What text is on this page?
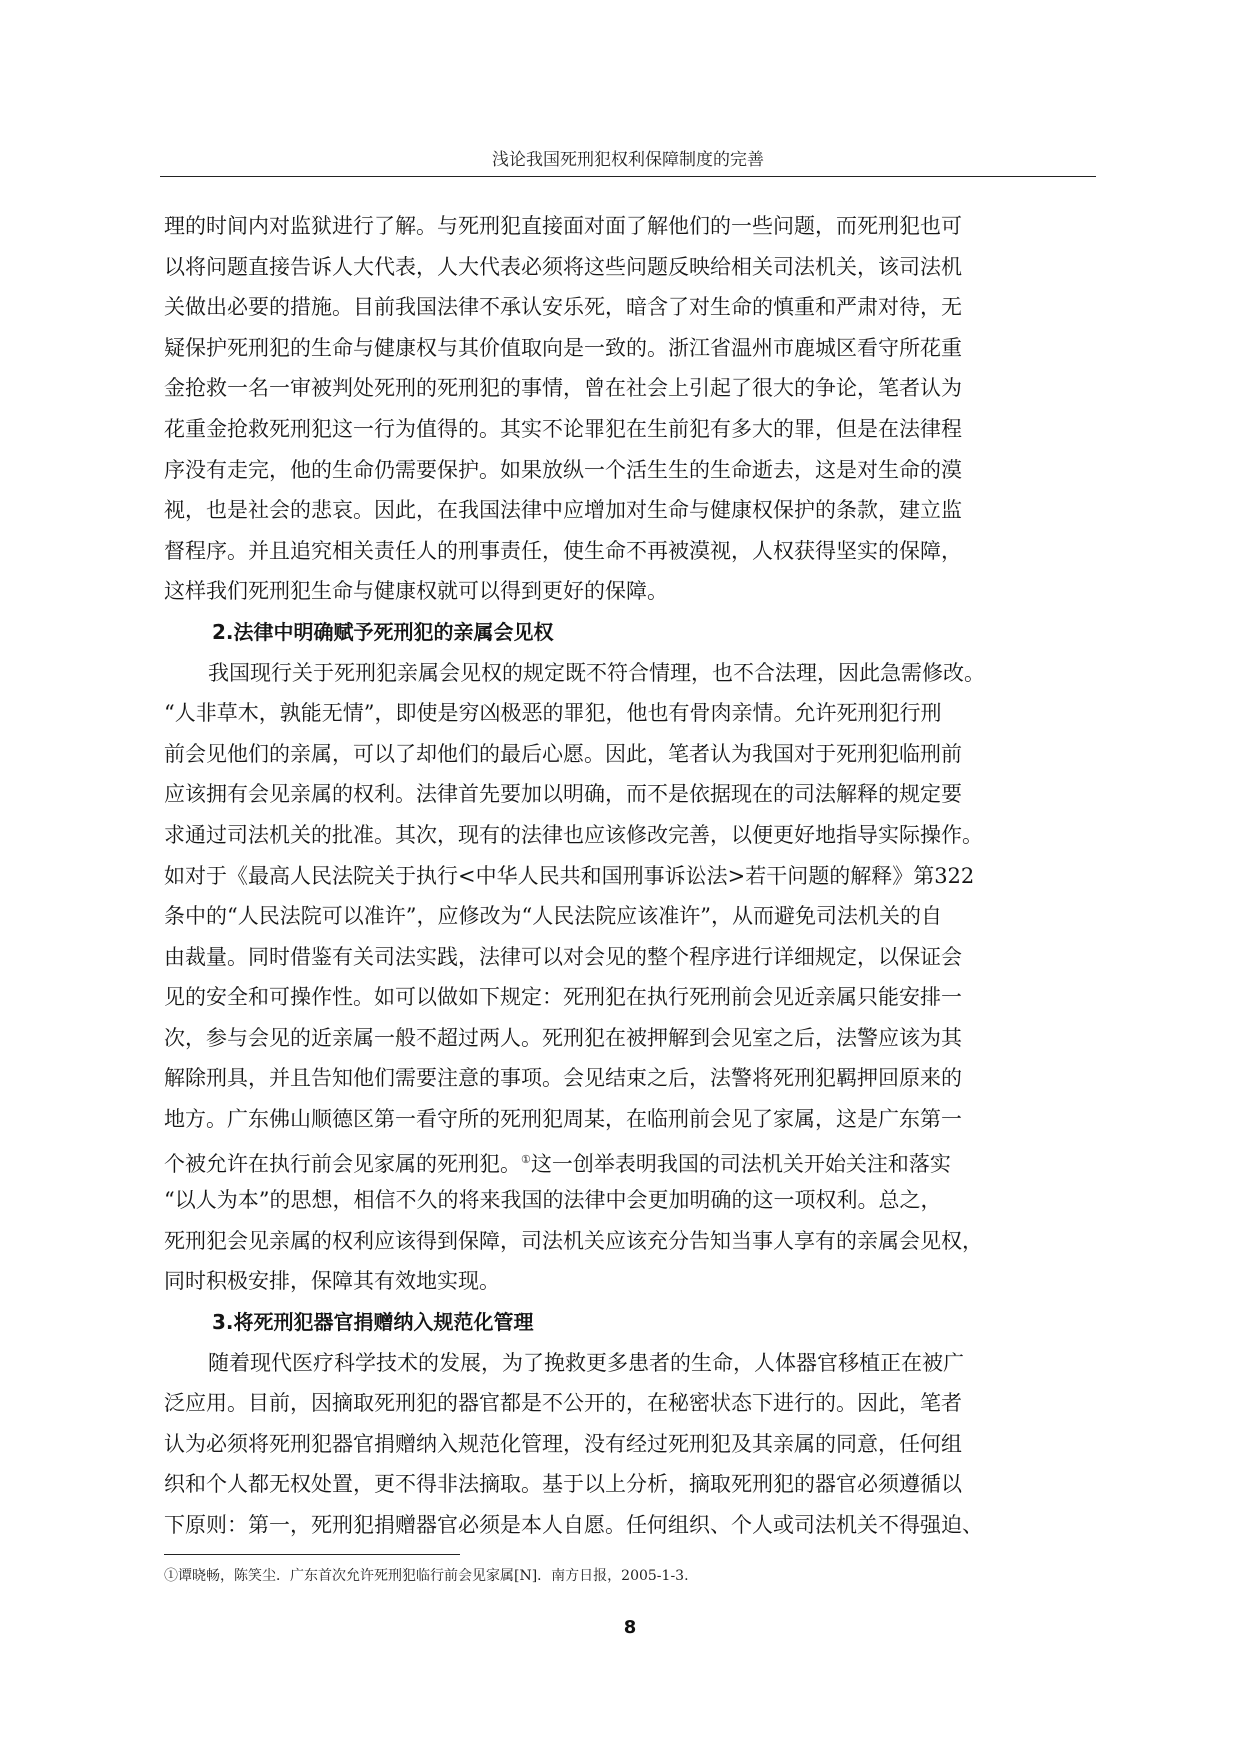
浅论我国死刑犯权利保障制度的完善
理的时间内对监狱进行了解。与死刑犯直接面对面了解他们的一些问题，而死刑犯也可
以将问题直接告诉人大代表，人大代表必须将这些问题反映给相关司法机关，该司法机
关做出必要的措施。目前我国法律不承认安乐死，暗含了对生命的慎重和严肃对待，无
疑保护死刑犯的生命与健康权与其价值取向是一致的。浙江省温州市鹿城区看守所花重
金抢救一名一审被判处死刑的死刑犯的事情，曾在社会上引起了很大的争论，笔者认为
花重金抢救死刑犯这一行为值得的。其实不论罪犯在生前犯有多大的罪，但是在法律程
序没有走完，他的生命仍需要保护。如果放纵一个活生生的生命逝去，这是对生命的漠
视，也是社会的悲哀。因此，在我国法律中应增加对生命与健康权保护的条款，建立监
督程序。并且追究相关责任人的刑事责任，使生命不再被漠视，人权获得坚实的保障，
这样我们死刑犯生命与健康权就可以得到更好的保障。
2.法律中明确赋予死刑犯的亲属会见权
我国现行关于死刑犯亲属会见权的规定既不符合情理，也不合法理，因此急需修改。
“人非草木，孰能无情”，即使是穷凶极恶的罪犯，他也有骨肉亲情。允许死刑犯行刑
前会见他们的亲属，可以了却他们的最后心愿。因此，笔者认为我国对于死刑犯临刑前
应该拥有会见亲属的权利。法律首先要加以明确，而不是依据现在的司法解释的规定要
求通过司法机关的批准。其次，现有的法律也应该修改完善，以便更好地指导实际操作。
如对于《最高人民法院关于执行<中华人民共和国刑事诉讼法>若干问题的解释》第322
条中的“人民法院可以准许”，应修改为“人民法院应该准许”，从而避免司法机关的自
由裁量。同时借鉴有关司法实践，法律可以对会见的整个程序进行详细规定，以保证会
见的安全和可操作性。如可以做如下规定：死刑犯在执行死刑前会见近亲属只能安排一
次，参与会见的近亲属一般不超过两人。死刑犯在被押解到会见室之后，法警应该为其
解除刑具，并且告知他们需要注意的事项。会见结束之后，法警将死刑犯羁押回原来的
地方。广东佛山顺德区第一看守所的死刑犯周某，在临刑前会见了家属，这是广东第一
个被允许在执行前会见家属的死刑犯。①这一创举表明我国的司法机关开始关注和落实
“以人为本”的思想，相信不久的将来我国的法律中会更加明确的这一项权利。总之，
死刑犯会见亲属的权利应该得到保障，司法机关应该充分告知当事人享有的亲属会见权，
同时积极安排，保障其有效地实现。
3.将死刑犯器官捐赠纳入规范化管理
随着现代医疗科学技术的发展，为了挽救更多患者的生命，人体器官移植正在被广
泛应用。目前，因摘取死刑犯的器官都是不公开的，在秘密状态下进行的。因此，笔者
认为必须将死刑犯器官捐赠纳入规范化管理，没有经过死刑犯及其亲属的同意，任何组
织和个人都无权处置，更不得非法摘取。基于以上分析，摘取死刑犯的器官必须遵循以
下原则：第一，死刑犯捐赠器官必须是本人自愿。任何组织、个人或司法机关不得强迫、
①谭晓畅，陈笑尘．广东首次允许死刑犯临行前会见家属[N]．南方日报，2005-1-3.
8
